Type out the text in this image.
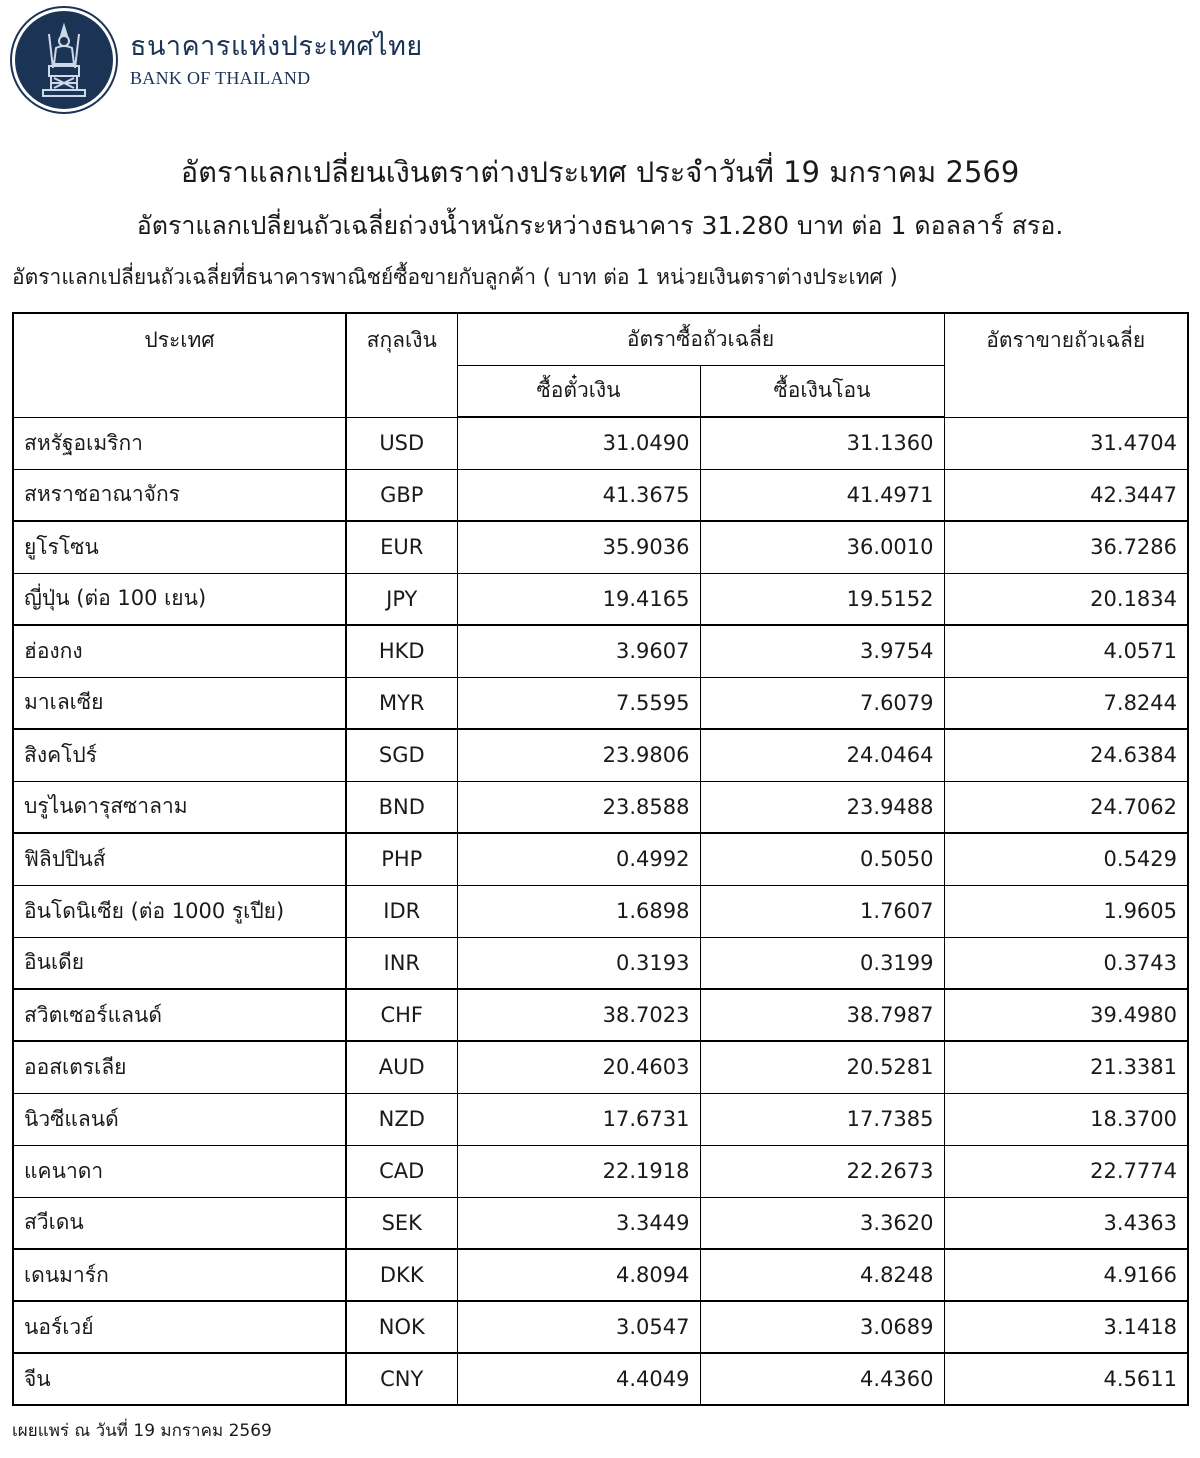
ธนาคารแห่งประเทศไทย
BANK OF THAILAND
อัตราแลกเปลี่ยนเงินตราต่างประเทศ ประจำวันที่ 19 มกราคม 2569
อัตราแลกเปลี่ยนถัวเฉลี่ยถ่วงน้ำหนักระหว่างธนาคาร 31.280 บาท ต่อ 1 ดอลลาร์ สรอ.
อัตราแลกเปลี่ยนถัวเฉลี่ยที่ธนาคารพาณิชย์ซื้อขายกับลูกค้า ( บาท ต่อ 1 หน่วยเงินตราต่างประเทศ )
ประเทศ	สกุลเงิน	อัตราซื้อถัวเฉลี่ย		อัตราขายถัวเฉลี่ย
		ซื้อตั๋วเงิน	ซื้อเงินโอน	
สหรัฐอเมริกา	USD	31.0490	31.1360	31.4704
สหราชอาณาจักร	GBP	41.3675	41.4971	42.3447
ยูโรโซน	EUR	35.9036	36.0010	36.7286
ญี่ปุ่น (ต่อ 100 เยน)	JPY	19.4165	19.5152	20.1834
ฮ่องกง	HKD	3.9607	3.9754	4.0571
มาเลเซีย	MYR	7.5595	7.6079	7.8244
สิงคโปร์	SGD	23.9806	24.0464	24.6384
บรูไนดารุสซาลาม	BND	23.8588	23.9488	24.7062
ฟิลิปปินส์	PHP	0.4992	0.5050	0.5429
อินโดนิเซีย (ต่อ 1000 รูเปีย)	IDR	1.6898	1.7607	1.9605
อินเดีย	INR	0.3193	0.3199	0.3743
สวิตเซอร์แลนด์	CHF	38.7023	38.7987	39.4980
ออสเตรเลีย	AUD	20.4603	20.5281	21.3381
นิวซีแลนด์	NZD	17.6731	17.7385	18.3700
แคนาดา	CAD	22.1918	22.2673	22.7774
สวีเดน	SEK	3.3449	3.3620	3.4363
เดนมาร์ก	DKK	4.8094	4.8248	4.9166
นอร์เวย์	NOK	3.0547	3.0689	3.1418
จีน	CNY	4.4049	4.4360	4.5611
เผยแพร่ ณ วันที่ 19 มกราคม 2569
